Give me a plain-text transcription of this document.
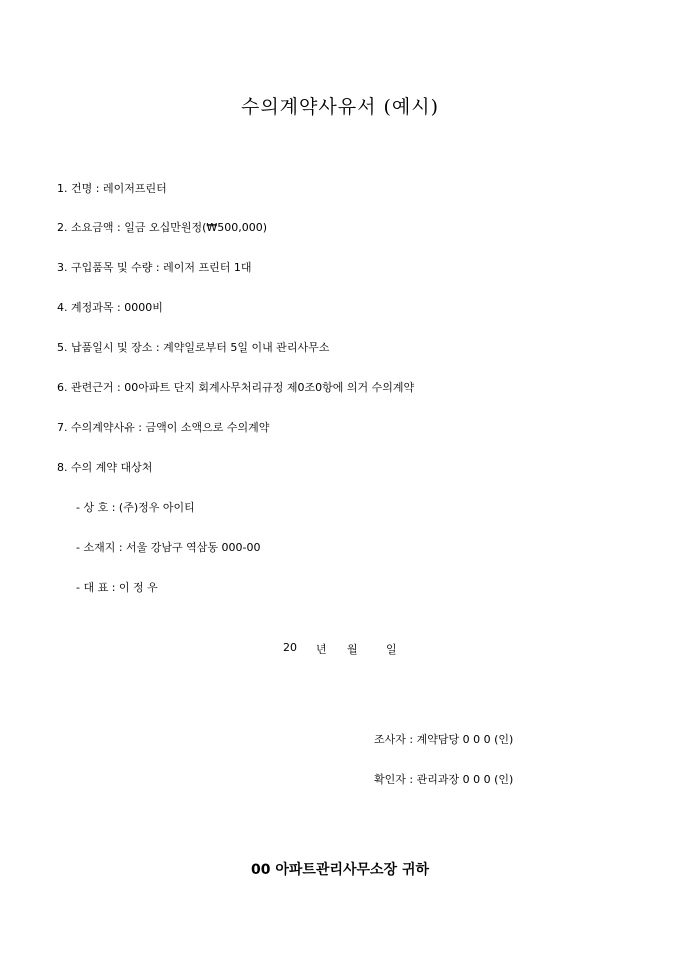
수의계약사유서 (예시)
1. 건명 : 레이저프린터
2. 소요금액 : 일금 오십만원정(₩500,000)
3. 구입품목 및 수량 : 레이저 프린터 1대
4. 계정과목 : 0000비
5. 납품일시 및 장소 : 계약일로부터 5일 이내 관리사무소
6. 관련근거 : 00아파트 단지 회계사무처리규정 제0조0항에 의거 수의계약
7. 수의계약사유 : 금액이 소액으로 수의계약
8. 수의 계약 대상처
- 상 호 : (주)정우 아이티
- 소재지 : 서울 강남구 역삼동 000-00
- 대 표 : 이 정 우
20 년 월	일
조사자 : 계약담당 0 0 0 (인)
확인자 : 관리과장 0 0 0 (인)
00 아파트관리사무소장 귀하
